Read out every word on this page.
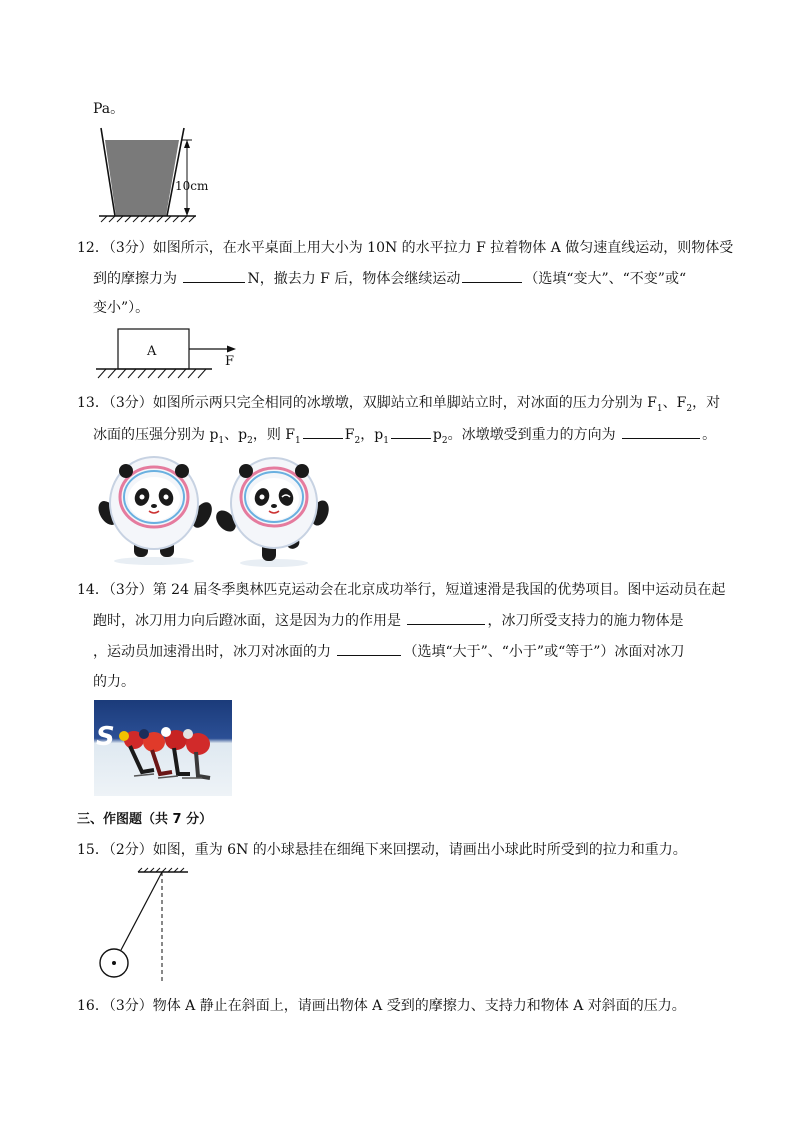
Pa。
10cm
12．（3分）如图所示，在水平桌面上用大小为 10N 的水平拉力 F 拉着物体 A 做匀速直线运动，则物体受
到的摩擦力为	N，撤去力 F 后，物体会继续运动	（选填“变大”、“不变”或“
变小”）。
A
F
13．（3分）如图所示两只完全相同的冰墩墩，双脚站立和单脚站立时，对冰面的压力分别为 $F_1$、$F_2$，对
冰面的压强分别为 $p_1$、$p_2$，则 $F_1$	$F_2$，$p_1$	$p_2$。冰墩墩受到重力的方向为	。
14．（3分）第 24 届冬季奥林匹克运动会在北京成功举行，短道速滑是我国的优势项目。图中运动员在起
跑时，冰刀用力向后蹬冰面，这是因为力的作用是	，冰刀所受支持力的施力物体是
，运动员加速滑出时，冰刀对冰面的力	（选填“大于”、“小于”或“等于”）冰面对冰刀
的力。
S
三、作图题（共 7 分）
15．（2分）如图，重为 6N 的小球悬挂在细绳下来回摆动，请画出小球此时所受到的拉力和重力。
16．（3分）物体 A 静止在斜面上，请画出物体 A 受到的摩擦力、支持力和物体 A 对斜面的压力。
